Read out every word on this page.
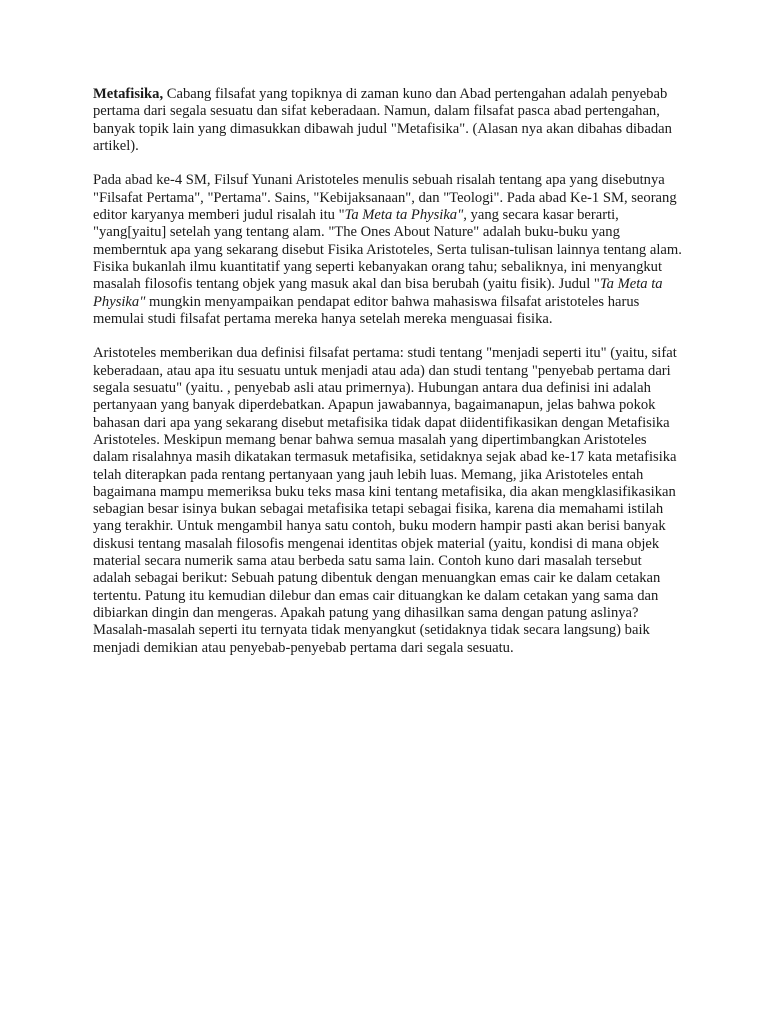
Metafisika, Cabang filsafat yang topiknya di zaman kuno dan Abad pertengahan adalah penyebab pertama dari segala sesuatu dan sifat keberadaan. Namun, dalam filsafat pasca abad pertengahan, banyak topik lain yang dimasukkan dibawah judul "Metafisika". (Alasan nya akan dibahas dibadan artikel).

Pada abad ke-4 SM, Filsuf Yunani Aristoteles menulis sebuah risalah tentang apa yang disebutnya "Filsafat Pertama", "Pertama". Sains, "Kebijaksanaan", dan "Teologi". Pada abad Ke-1 SM, seorang editor karyanya memberi judul risalah itu "Ta Meta ta Physika", yang secara kasar berarti, "yang[yaitu] setelah yang tentang alam. "The Ones About Nature" adalah buku-buku yang memberntuk apa yang sekarang disebut Fisika Aristoteles, Serta tulisan-tulisan lainnya tentang alam. Fisika bukanlah ilmu kuantitatif yang seperti kebanyakan orang tahu; sebaliknya, ini menyangkut masalah filosofis tentang objek yang masuk akal dan bisa berubah (yaitu fisik). Judul "Ta Meta ta Physika" mungkin menyampaikan pendapat editor bahwa mahasiswa filsafat aristoteles harus memulai studi filsafat pertama mereka hanya setelah mereka menguasai fisika.

Aristoteles memberikan dua definisi filsafat pertama: studi tentang "menjadi seperti itu" (yaitu, sifat keberadaan, atau apa itu sesuatu untuk menjadi atau ada) dan studi tentang "penyebab pertama dari segala sesuatu" (yaitu. , penyebab asli atau primernya). Hubungan antara dua definisi ini adalah pertanyaan yang banyak diperdebatkan. Apapun jawabannya, bagaimanapun, jelas bahwa pokok bahasan dari apa yang sekarang disebut metafisika tidak dapat diidentifikasikan dengan Metafisika Aristoteles. Meskipun memang benar bahwa semua masalah yang dipertimbangkan Aristoteles dalam risalahnya masih dikatakan termasuk metafisika, setidaknya sejak abad ke-17 kata metafisika telah diterapkan pada rentang pertanyaan yang jauh lebih luas. Memang, jika Aristoteles entah bagaimana mampu memeriksa buku teks masa kini tentang metafisika, dia akan mengklasifikasikan sebagian besar isinya bukan sebagai metafisika tetapi sebagai fisika, karena dia memahami istilah yang terakhir. Untuk mengambil hanya satu contoh, buku modern hampir pasti akan berisi banyak diskusi tentang masalah filosofis mengenai identitas objek material (yaitu, kondisi di mana objek material secara numerik sama atau berbeda satu sama lain. Contoh kuno dari masalah tersebut adalah sebagai berikut: Sebuah patung dibentuk dengan menuangkan emas cair ke dalam cetakan tertentu. Patung itu kemudian dilebur dan emas cair dituangkan ke dalam cetakan yang sama dan dibiarkan dingin dan mengeras. Apakah patung yang dihasilkan sama dengan patung aslinya? Masalah-masalah seperti itu ternyata tidak menyangkut (setidaknya tidak secara langsung) baik menjadi demikian atau penyebab-penyebab pertama dari segala sesuatu.
